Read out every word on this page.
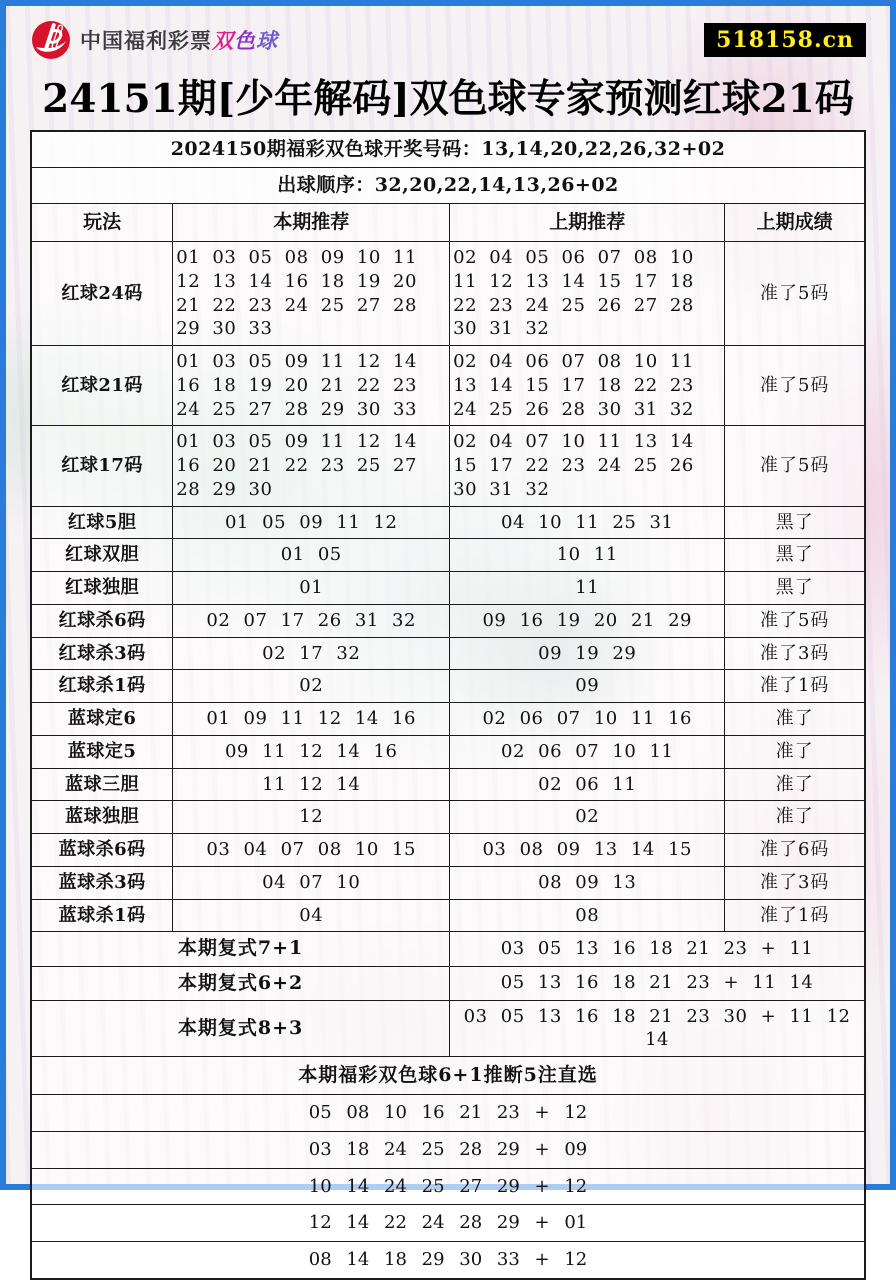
中国福利彩票双色球	518158.cn
24151期[少年解码]双色球专家预测红球21码
2024150期福彩双色球开奖号码：13,14,20,22,26,32+02			
出球顺序：32,20,22,14,13,26+02			
玩法	本期推荐	上期推荐	上期成绩
红球24码	01 03 05 08 09 10 11 12 13 14 16 18 19 20 21 22 23 24 25 27 28 29 30 33	02 04 05 06 07 08 10 11 12 13 14 15 17 18 22 23 24 25 26 27 28 30 31 32	准了5码
红球21码	01 03 05 09 11 12 14 16 18 19 20 21 22 23 24 25 27 28 29 30 33	02 04 06 07 08 10 11 13 14 15 17 18 22 23 24 25 26 28 30 31 32	准了5码
红球17码	01 03 05 09 11 12 14 16 20 21 22 23 25 27 28 29 30	02 04 07 10 11 13 14 15 17 22 23 24 25 26 30 31 32	准了5码
红球5胆	01 05 09 11 12	04 10 11 25 31	黑了
红球双胆	01 05	10 11	黑了
红球独胆	01	11	黑了
红球杀6码	02 07 17 26 31 32	09 16 19 20 21 29	准了5码
红球杀3码	02 17 32	09 19 29	准了3码
红球杀1码	02	09	准了1码
蓝球定6	01 09 11 12 14 16	02 06 07 10 11 16	准了
蓝球定5	09 11 12 14 16	02 06 07 10 11	准了
蓝球三胆	11 12 14	02 06 11	准了
蓝球独胆	12	02	准了
蓝球杀6码	03 04 07 08 10 15	03 08 09 13 14 15	准了6码
蓝球杀3码	04 07 10	08 09 13	准了3码
蓝球杀1码	04	08	准了1码
本期复式7+1		03 05 13 16 18 21 23 + 11	
本期复式6+2		05 13 16 18 21 23 + 11 14	
本期复式8+3		03 05 13 16 18 21 23 30 + 11 12 14	
本期福彩双色球6+1推断5注直选			
05 08 10 16 21 23 + 12			
03 18 24 25 28 29 + 09			
10 14 24 25 27 29 + 12			
12 14 22 24 28 29 + 01			
08 14 18 29 30 33 + 12			
